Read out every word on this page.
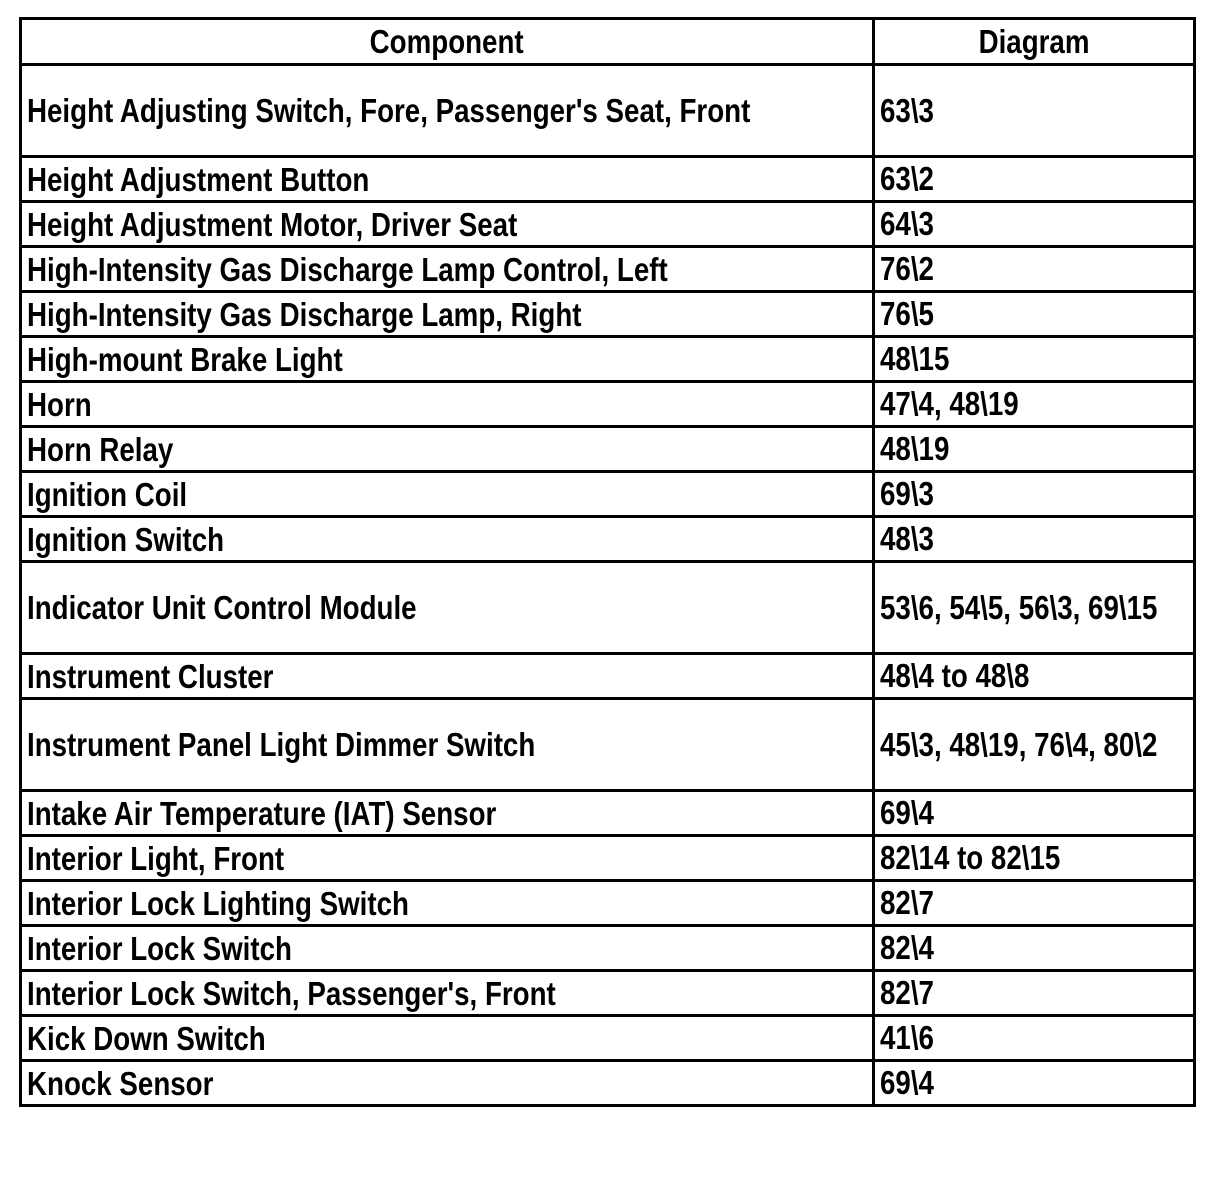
Component	Diagram
Height Adjusting Switch, Fore, Passenger's Seat, Front	63\3
Height Adjustment Button	63\2
Height Adjustment Motor, Driver Seat	64\3
High-Intensity Gas Discharge Lamp Control, Left	76\2
High-Intensity Gas Discharge Lamp, Right	76\5
High-mount Brake Light	48\15
Horn	47\4, 48\19
Horn Relay	48\19
Ignition Coil	69\3
Ignition Switch	48\3
Indicator Unit Control Module	53\6, 54\5, 56\3, 69\15
Instrument Cluster	48\4 to 48\8
Instrument Panel Light Dimmer Switch	45\3, 48\19, 76\4, 80\2
Intake Air Temperature (IAT) Sensor	69\4
Interior Light, Front	82\14 to 82\15
Interior Lock Lighting Switch	82\7
Interior Lock Switch	82\4
Interior Lock Switch, Passenger's, Front	82\7
Kick Down Switch	41\6
Knock Sensor	69\4
